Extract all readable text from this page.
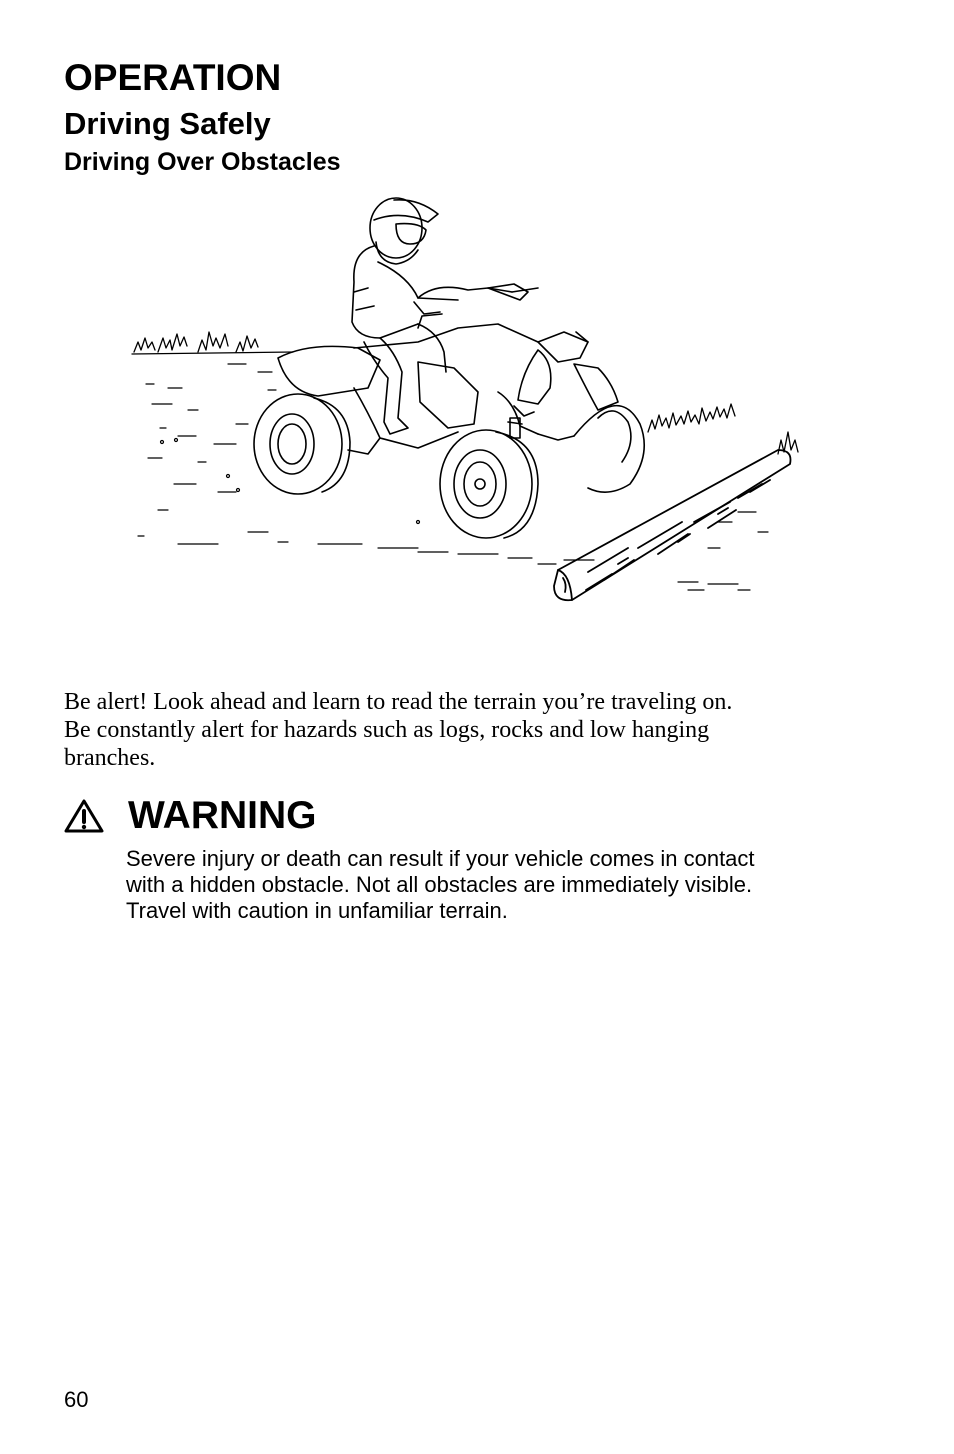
OPERATION
Driving Safely
Driving Over Obstacles

Be alert! Look ahead and learn to read the terrain you’re traveling on.
Be constantly alert for hazards such as logs, rocks and low hanging
branches.

WARNING

Severe injury or death can result if your vehicle comes in contact
with a hidden obstacle. Not all obstacles are immediately visible.
Travel with caution in unfamiliar terrain.

60
